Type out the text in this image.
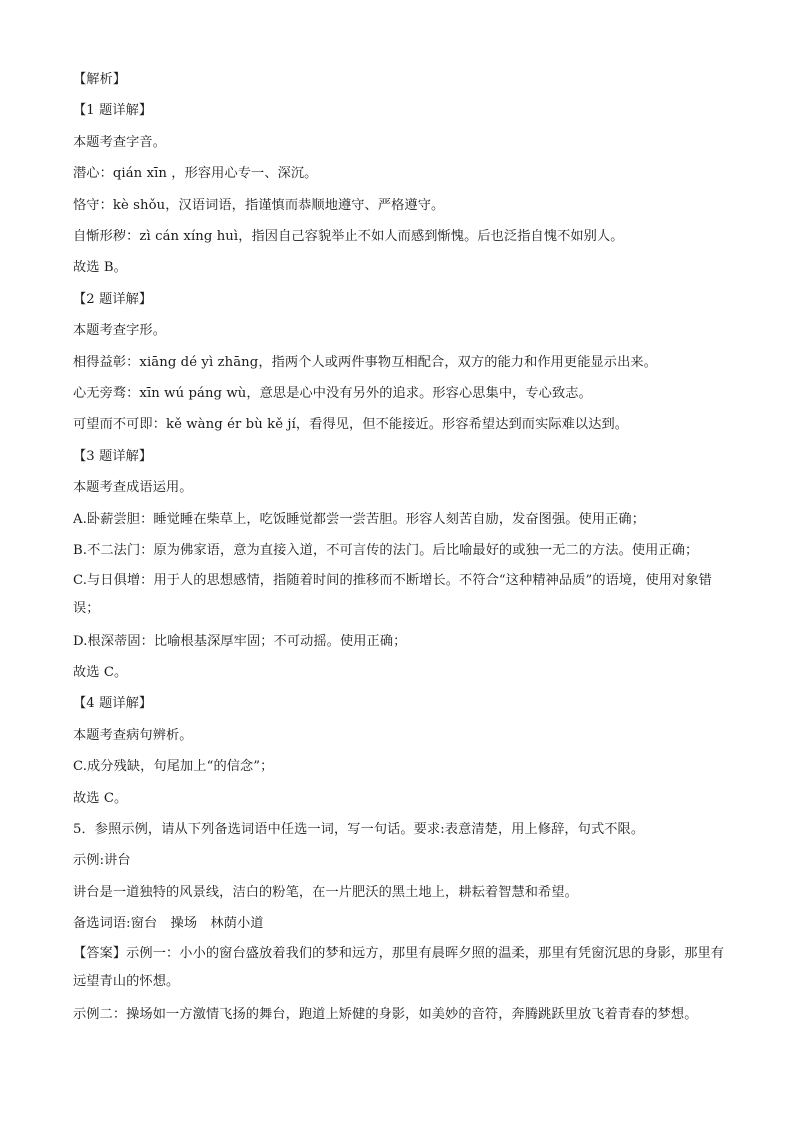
【解析】
【1 题详解】
本题考查字音。
潜心：qián xīn ，形容用心专一、深沉。
恪守：kè shǒu，汉语词语，指谨慎而恭顺地遵守、严格遵守。
自惭形秽：zì cán xíng huì，指因自己容貌举止不如人而感到惭愧。后也泛指自愧不如别人。
故选 B。
【2 题详解】
本题考查字形。
相得益彰：xiāng dé yì zhāng，指两个人或两件事物互相配合，双方的能力和作用更能显示出来。
心无旁骛：xīn wú páng wù，意思是心中没有另外的追求。形容心思集中，专心致志。
可望而不可即：kě wàng ér bù kě jí，看得见，但不能接近。形容希望达到而实际难以达到。
【3 题详解】
本题考查成语运用。
A.卧薪尝胆：睡觉睡在柴草上，吃饭睡觉都尝一尝苦胆。形容人刻苦自励，发奋图强。使用正确；
B.不二法门：原为佛家语，意为直接入道，不可言传的法门。后比喻最好的或独一无二的方法。使用正确；
C.与日俱增：用于人的思想感情，指随着时间的推移而不断增长。不符合“这种精神品质”的语境，使用对象错误；
D.根深蒂固：比喻根基深厚牢固；不可动摇。使用正确；
故选 C。
【4 题详解】
本题考查病句辨析。
C.成分残缺，句尾加上“的信念”；
故选 C。
5．参照示例，请从下列备选词语中任选一词，写一句话。要求:表意清楚，用上修辞，句式不限。
示例:讲台
讲台是一道独特的风景线，洁白的粉笔，在一片肥沃的黑土地上，耕耘着智慧和希望。
备选词语:窗台　操场　林荫小道
【答案】示例一：小小的窗台盛放着我们的梦和远方，那里有晨晖夕照的温柔，那里有凭窗沉思的身影，那里有远望青山的怀想。
示例二：操场如一方激情飞扬的舞台，跑道上矫健的身影，如美妙的音符，奔腾跳跃里放飞着青春的梦想。
